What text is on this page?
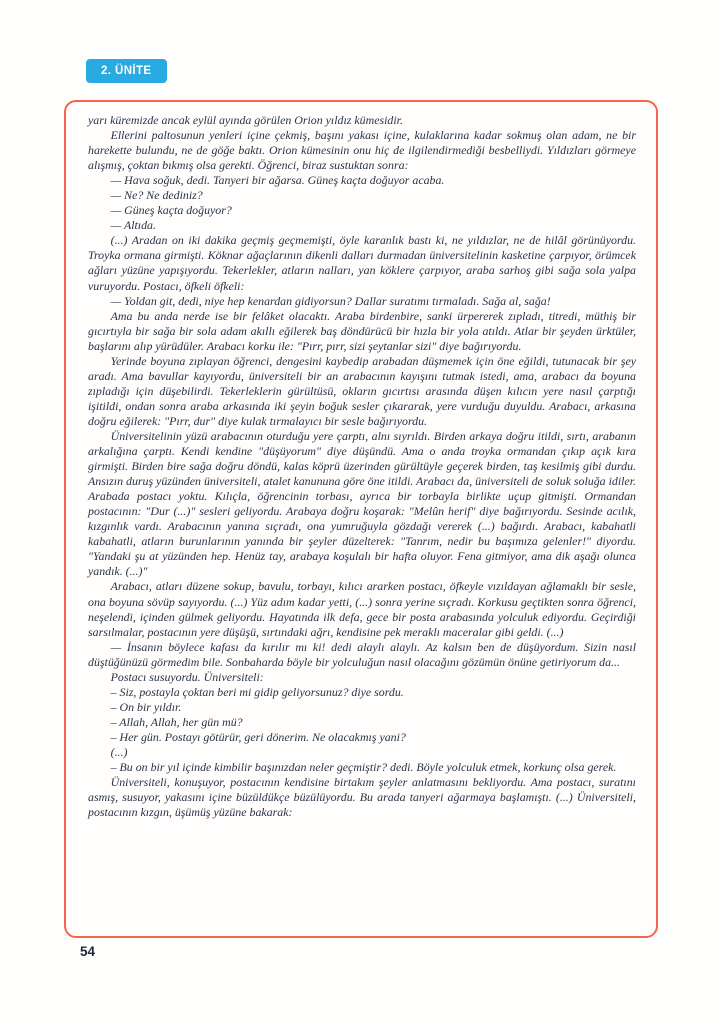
2. ÜNİTE

yarı küremizde ancak eylül ayında görülen Orion yıldız kümesidir.

Ellerini paltosunun yenleri içine çekmiş, başını yakası içine, kulaklarına kadar sokmuş olan adam, ne bir harekette bulundu, ne de göğe baktı. Orion kümesinin onu hiç de ilgilendirmediği besbelliydi. Yıldızları görmeye alışmış, çoktan bıkmış olsa gerekti. Öğrenci, biraz sustuktan sonra:

— Hava soğuk, dedi. Tanyeri bir ağarsa. Güneş kaçta doğuyor acaba.

— Ne? Ne dediniz?

— Güneş kaçta doğuyor?

— Altıda.

(...) Aradan on iki dakika geçmiş geçmemişti, öyle karanlık bastı ki, ne yıldızlar, ne de hilâl görünüyordu. Troyka ormana girmişti. Köknar ağaçlarının dikenli dalları durmadan üniversitelinin kasketine çarpıyor, örümcek ağları yüzüne yapışıyordu. Tekerlekler, atların nalları, yan köklere çarpıyor, araba sarhoş gibi sağa sola yalpa vuruyordu. Postacı, öfkeli öfkeli:

— Yoldan git, dedi, niye hep kenardan gidiyorsun? Dallar suratımı tırmaladı. Sağa al, sağa!

Ama bu anda nerde ise bir felâket olacaktı. Araba birdenbire, sanki ürpererek zıpladı, titredi, müthiş bir gıcırtıyla bir sağa bir sola adam akıllı eğilerek baş döndürücü bir hızla bir yola atıldı. Atlar bir şeyden ürktüler, başlarını alıp yürüdüler. Arabacı korku ile: "Pırr, pırr, sizi şeytanlar sizi" diye bağırıyordu.

Yerinde boyuna zıplayan öğrenci, dengesini kaybedip arabadan düşmemek için öne eğildi, tutunacak bir şey aradı. Ama bavullar kayıyordu, üniversiteli bir an arabacının kayışını tutmak istedi, ama, arabacı da boyuna zıpladığı için düşebilirdi. Tekerleklerin gürültüsü, okların gıcırtısı arasında düşen kılıcın yere nasıl çarptığı işitildi, ondan sonra araba arkasında iki şeyin boğuk sesler çıkararak, yere vurduğu duyuldu. Arabacı, arkasına doğru eğilerek: "Pırr, dur" diye kulak tırmalayıcı bir sesle bağırıyordu.

Üniversitelinin yüzü arabacının oturduğu yere çarptı, alnı sıyrıldı. Birden arkaya doğru itildi, sırtı, arabanın arkalığına çarptı. Kendi kendine "düşüyorum" diye düşündü. Ama o anda troyka ormandan çıkıp açık kıra girmişti. Birden bire sağa doğru döndü, kalas köprü üzerinden gürültüyle geçerek birden, taş kesilmiş gibi durdu. Ansızın duruş yüzünden üniversiteli, atalet kanununa göre öne itildi. Arabacı da, üniversiteli de soluk soluğa idiler. Arabada postacı yoktu. Kılıçla, öğrencinin torbası, ayrıca bir torbayla birlikte uçup gitmişti. Ormandan postacının: "Dur (...)" sesleri geliyordu. Arabaya doğru koşarak: "Melûn herif" diye bağırıyordu. Sesinde acılık, kızgınlık vardı. Arabacının yanına sıçradı, ona yumruğuyla gözdağı vererek (...) bağırdı. Arabacı, kabahatli kabahatli, atların burunlarının yanında bir şeyler düzelterek: "Tanrım, nedir bu başımıza gelenler!" diyordu. "Yandaki şu at yüzünden hep. Henüz tay, arabaya koşulalı bir hafta oluyor. Fena gitmiyor, ama dik aşağı olunca yandık. (...)"

Arabacı, atları düzene sokup, bavulu, torbayı, kılıcı ararken postacı, öfkeyle vızıldayan ağlamaklı bir sesle, ona boyuna sövüp sayıyordu. (...) Yüz adım kadar yetti, (...) sonra yerine sıçradı. Korkusu geçtikten sonra öğrenci, neşelendi, içinden gülmek geliyordu. Hayatında ilk defa, gece bir posta arabasında yolculuk ediyordu. Geçirdiği sarsılmalar, postacının yere düşüşü, sırtındaki ağrı, kendisine pek meraklı maceralar gibi geldi. (...)

— İnsanın böylece kafası da kırılır mı ki! dedi alaylı alaylı. Az kalsın ben de düşüyordum. Sizin nasıl düştüğünüzü görmedim bile. Sonbaharda böyle bir yolculuğun nasıl olacağını gözümün önüne getiriyorum da...

Postacı susuyordu. Üniversiteli:

– Siz, postayla çoktan beri mi gidip geliyorsunuz? diye sordu.

– On bir yıldır.

– Allah, Allah, her gün mü?

– Her gün. Postayı götürür, geri dönerim. Ne olacakmış yani?

(...)

– Bu on bir yıl içinde kimbilir başınızdan neler geçmiştir? dedi. Böyle yolculuk etmek, korkunç olsa gerek.

Üniversiteli, konuşuyor, postacının kendisine birtakım şeyler anlatmasını bekliyordu. Ama postacı, suratını asmış, susuyor, yakasını içine büzüldükçe büzülüyordu. Bu arada tanyeri ağarmaya başlamıştı. (...) Üniversiteli, postacının kızgın, üşümüş yüzüne bakarak:

54
